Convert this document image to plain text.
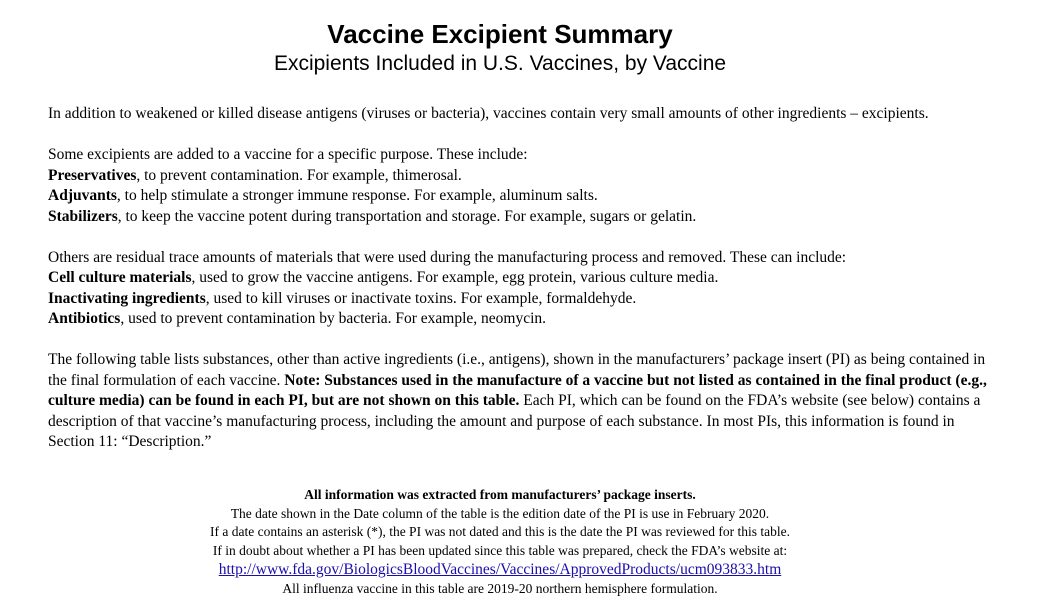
Vaccine Excipient Summary
Excipients Included in U.S. Vaccines, by Vaccine

In addition to weakened or killed disease antigens (viruses or bacteria), vaccines contain very small amounts of other ingredients – excipients.

Some excipients are added to a vaccine for a specific purpose. These include:
Preservatives, to prevent contamination. For example, thimerosal.
Adjuvants, to help stimulate a stronger immune response. For example, aluminum salts.
Stabilizers, to keep the vaccine potent during transportation and storage. For example, sugars or gelatin.

Others are residual trace amounts of materials that were used during the manufacturing process and removed. These can include:
Cell culture materials, used to grow the vaccine antigens. For example, egg protein, various culture media.
Inactivating ingredients, used to kill viruses or inactivate toxins. For example, formaldehyde.
Antibiotics, used to prevent contamination by bacteria. For example, neomycin.

The following table lists substances, other than active ingredients (i.e., antigens), shown in the manufacturers’ package insert (PI) as being contained in the final formulation of each vaccine. Note: Substances used in the manufacture of a vaccine but not listed as contained in the final product (e.g., culture media) can be found in each PI, but are not shown on this table. Each PI, which can be found on the FDA’s website (see below) contains a description of that vaccine’s manufacturing process, including the amount and purpose of each substance. In most PIs, this information is found in Section 11: “Description.”

All information was extracted from manufacturers’ package inserts.
The date shown in the Date column of the table is the edition date of the PI is use in February 2020.
If a date contains an asterisk (*), the PI was not dated and this is the date the PI was reviewed for this table.
If in doubt about whether a PI has been updated since this table was prepared, check the FDA’s website at:
http://www.fda.gov/BiologicsBloodVaccines/Vaccines/ApprovedProducts/ucm093833.htm
All influenza vaccine in this table are 2019-20 northern hemisphere formulation.
